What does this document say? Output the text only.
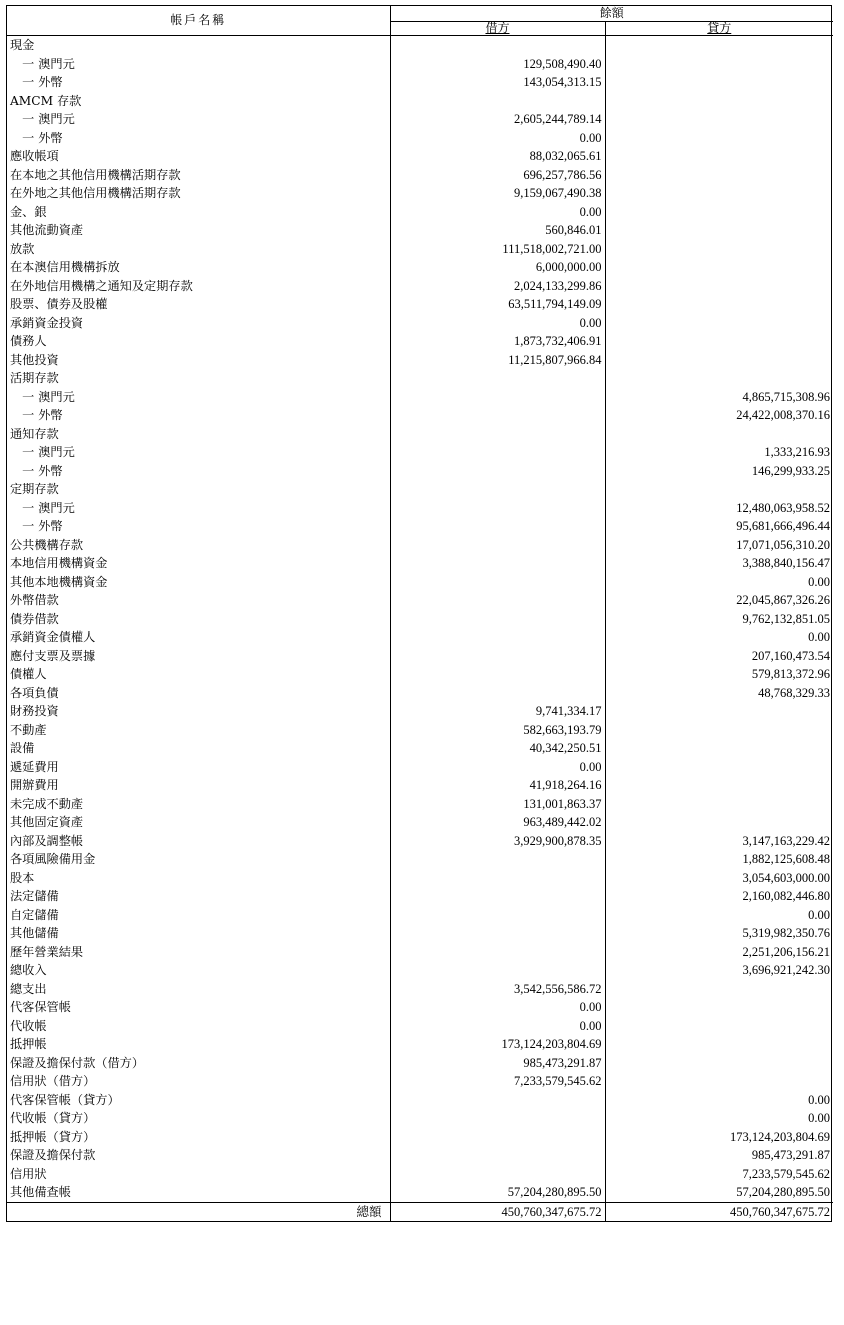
帳戶名稱	餘額	
	借方	貸方
現金		
　一 澳門元	129,508,490.40	
　一 外幣	143,054,313.15	
AMCM 存款		
　一 澳門元	2,605,244,789.14	
　一 外幣	0.00	
應收帳項	88,032,065.61	
在本地之其他信用機構活期存款	696,257,786.56	
在外地之其他信用機構活期存款	9,159,067,490.38	
金、銀	0.00	
其他流動資產	560,846.01	
放款	111,518,002,721.00	
在本澳信用機構拆放	6,000,000.00	
在外地信用機構之通知及定期存款	2,024,133,299.86	
股票、債券及股權	63,511,794,149.09	
承銷資金投資	0.00	
債務人	1,873,732,406.91	
其他投資	11,215,807,966.84	
活期存款		
　一 澳門元		4,865,715,308.96
　一 外幣		24,422,008,370.16
通知存款		
　一 澳門元		1,333,216.93
　一 外幣		146,299,933.25
定期存款		
　一 澳門元		12,480,063,958.52
　一 外幣		95,681,666,496.44
公共機構存款		17,071,056,310.20
本地信用機構資金		3,388,840,156.47
其他本地機構資金		0.00
外幣借款		22,045,867,326.26
債券借款		9,762,132,851.05
承銷資金債權人		0.00
應付支票及票據		207,160,473.54
債權人		579,813,372.96
各項負債		48,768,329.33
財務投資	9,741,334.17	
不動產	582,663,193.79	
設備	40,342,250.51	
遞延費用	0.00	
開辦費用	41,918,264.16	
未完成不動產	131,001,863.37	
其他固定資產	963,489,442.02	
內部及調整帳	3,929,900,878.35	3,147,163,229.42
各項風險備用金		1,882,125,608.48
股本		3,054,603,000.00
法定儲備		2,160,082,446.80
自定儲備		0.00
其他儲備		5,319,982,350.76
歷年營業結果		2,251,206,156.21
總收入		3,696,921,242.30
總支出	3,542,556,586.72	
代客保管帳	0.00	
代收帳	0.00	
抵押帳	173,124,203,804.69	
保證及擔保付款（借方）	985,473,291.87	
信用狀（借方）	7,233,579,545.62	
代客保管帳（貸方）		0.00
代收帳（貸方）		0.00
抵押帳（貸方）		173,124,203,804.69
保證及擔保付款		985,473,291.87
信用狀		7,233,579,545.62
其他備查帳	57,204,280,895.50	57,204,280,895.50
總額	450,760,347,675.72	450,760,347,675.72
